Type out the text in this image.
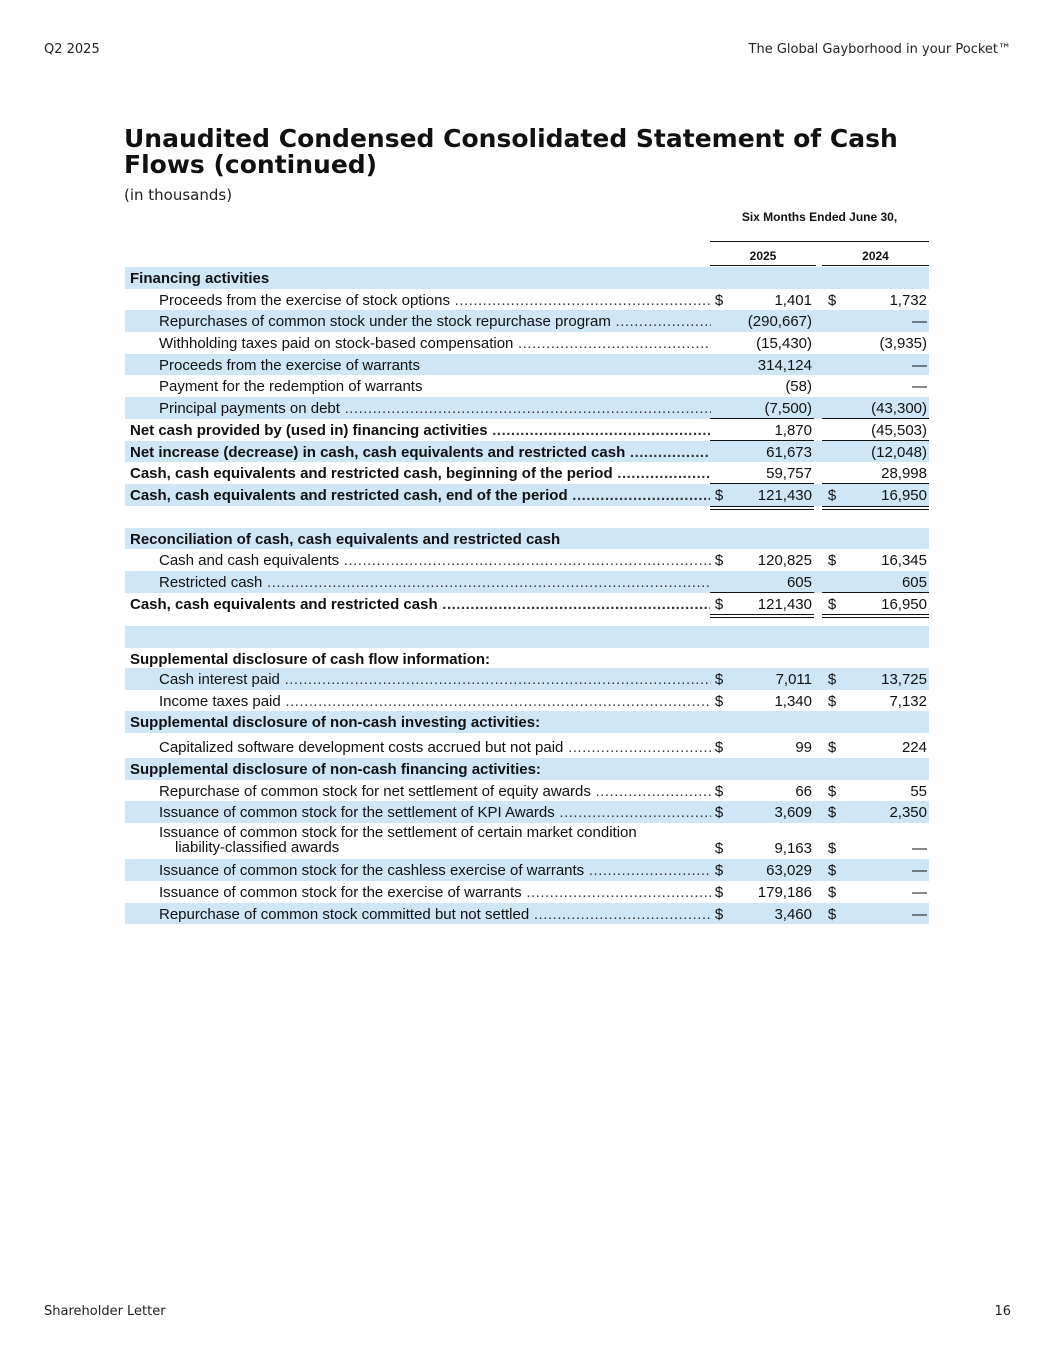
Q2 2025	The Global Gayborhood in your Pocket™
Unaudited Condensed Consolidated Statement of Cash Flows (continued)
(in thousands)
Six Months Ended June 30,
2025	2024
Financing activities
Proceeds from the exercise of stock options .....	$	1,401 $	1,732
Repurchases of common stock under the stock repurchase program .....	(290,667)	—
Withholding taxes paid on stock-based compensation .....	(15,430)	(3,935)
Proceeds from the exercise of warrants	314,124	—
Payment for the redemption of warrants	(58)	—
Principal payments on debt .....	(7,500)	(43,300)
Net cash provided by (used in) financing activities .....	1,870	(45,503)
Net increase (decrease) in cash, cash equivalents and restricted cash .....	61,673	(12,048)
Cash, cash equivalents and restricted cash, beginning of the period .....	59,757	28,998
Cash, cash equivalents and restricted cash, end of the period .....	$	121,430 $	16,950
Reconciliation of cash, cash equivalents and restricted cash
Cash and cash equivalents .....	$	120,825 $	16,345
Restricted cash .....	605	605
Cash, cash equivalents and restricted cash .....	$	121,430 $	16,950
Supplemental disclosure of cash flow information:
Cash interest paid .....	$	7,011 $	13,725
Income taxes paid .....	$	1,340 $	7,132
Supplemental disclosure of non-cash investing activities:
Capitalized software development costs accrued but not paid .....	$	99 $	224
Supplemental disclosure of non-cash financing activities:
Repurchase of common stock for net settlement of equity awards .....	$	66 $	55
Issuance of common stock for the settlement of KPI Awards .....	$	3,609 $	2,350
Issuance of common stock for the settlement of certain market condition
liability-classified awards	$	9,163 $	—
Issuance of common stock for the cashless exercise of warrants .....	$	63,029 $	—
Issuance of common stock for the exercise of warrants .....	$	179,186 $	—
Repurchase of common stock committed but not settled .....	$	3,460 $	—
Shareholder Letter	16
